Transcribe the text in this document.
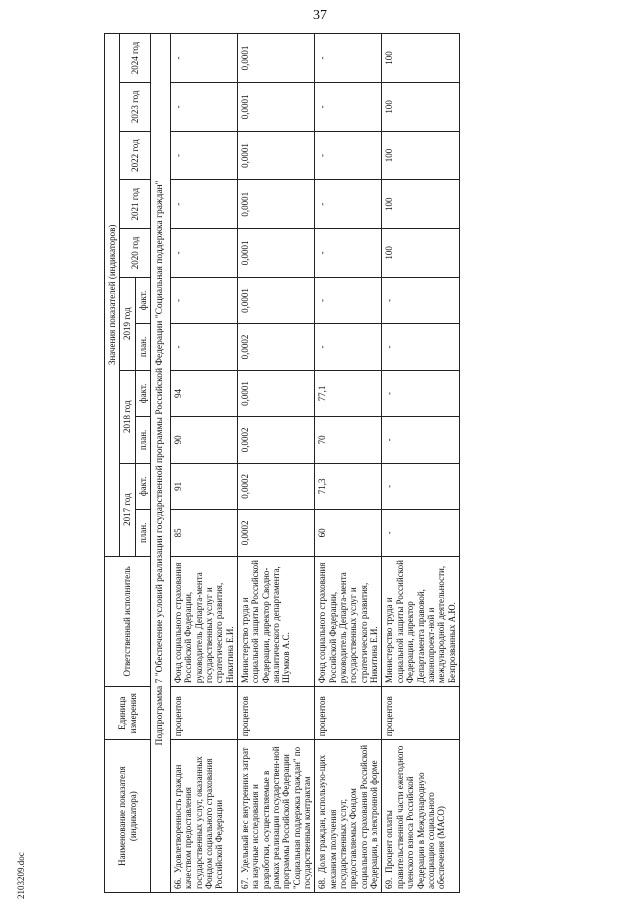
37
2103209.doc
Наименование показателя (индикатора)	Единица измерения	Ответственный исполнитель	Значения показателей (индикаторов)										
			2017 год		2018 год		2019 год		2020 год	2021 год	2022 год	2023 год	2024 год
			план.	факт.	план.	факт.	план.	факт.					
Подпрограмма 7 "Обеспечение условий реализации государственной программы Российской Федерации "Социальная поддержка граждан"													
66.Удовлетворенность граждан качеством предоставления государственных услуг, оказанных Фондом социального страхования Российской Федерации	процентов	Фонд социального страхования Российской Федерации, руководитель Департа-мента государственных услуг и стратегического развития, Никитина Е.И.	85	91	90	94	-	-	-	-	-	-	-
67.Удельный вес внутренних затрат на научные исследования и разработки, осуществляемые в рамках реализации государствен-ной программы Российской Федерации "Социальная поддержка граждан" по государственным контрактам	процентов	Министерство труда и социальной защиты Российской Федерации, директор Сводно-аналитического департамента, Шумков А.С.	0,0002	0,0002	0,0002	0,0001	0,0002	0,0001	0,0001	0,0001	0,0001	0,0001	0,0001
68.Доля граждан, использую-щих механизм получения государственных услуг, предоставляемых Фондом социального страхования Российской Федерации, в электронной форме	процентов	Фонд социального страхования Российской Федерации, руководитель Департа-мента государственных услуг и стратегического развития, Никитина Е.И.	60	71,3	70	77,1	-	-	-	-	-	-	-
69.Процент оплаты правительственной части ежегодного членского взноса Российской Федерации в Международную ассоциацию социального обеспечения (МАСО)	процентов	Министерство труда и социальной защиты Российской Федерации, директор Департамента правовой, законопроект-ной и международной деятельности, Безпрозванных А.Ю.	-	-	-	-	-	-	100	100	100	100	100
